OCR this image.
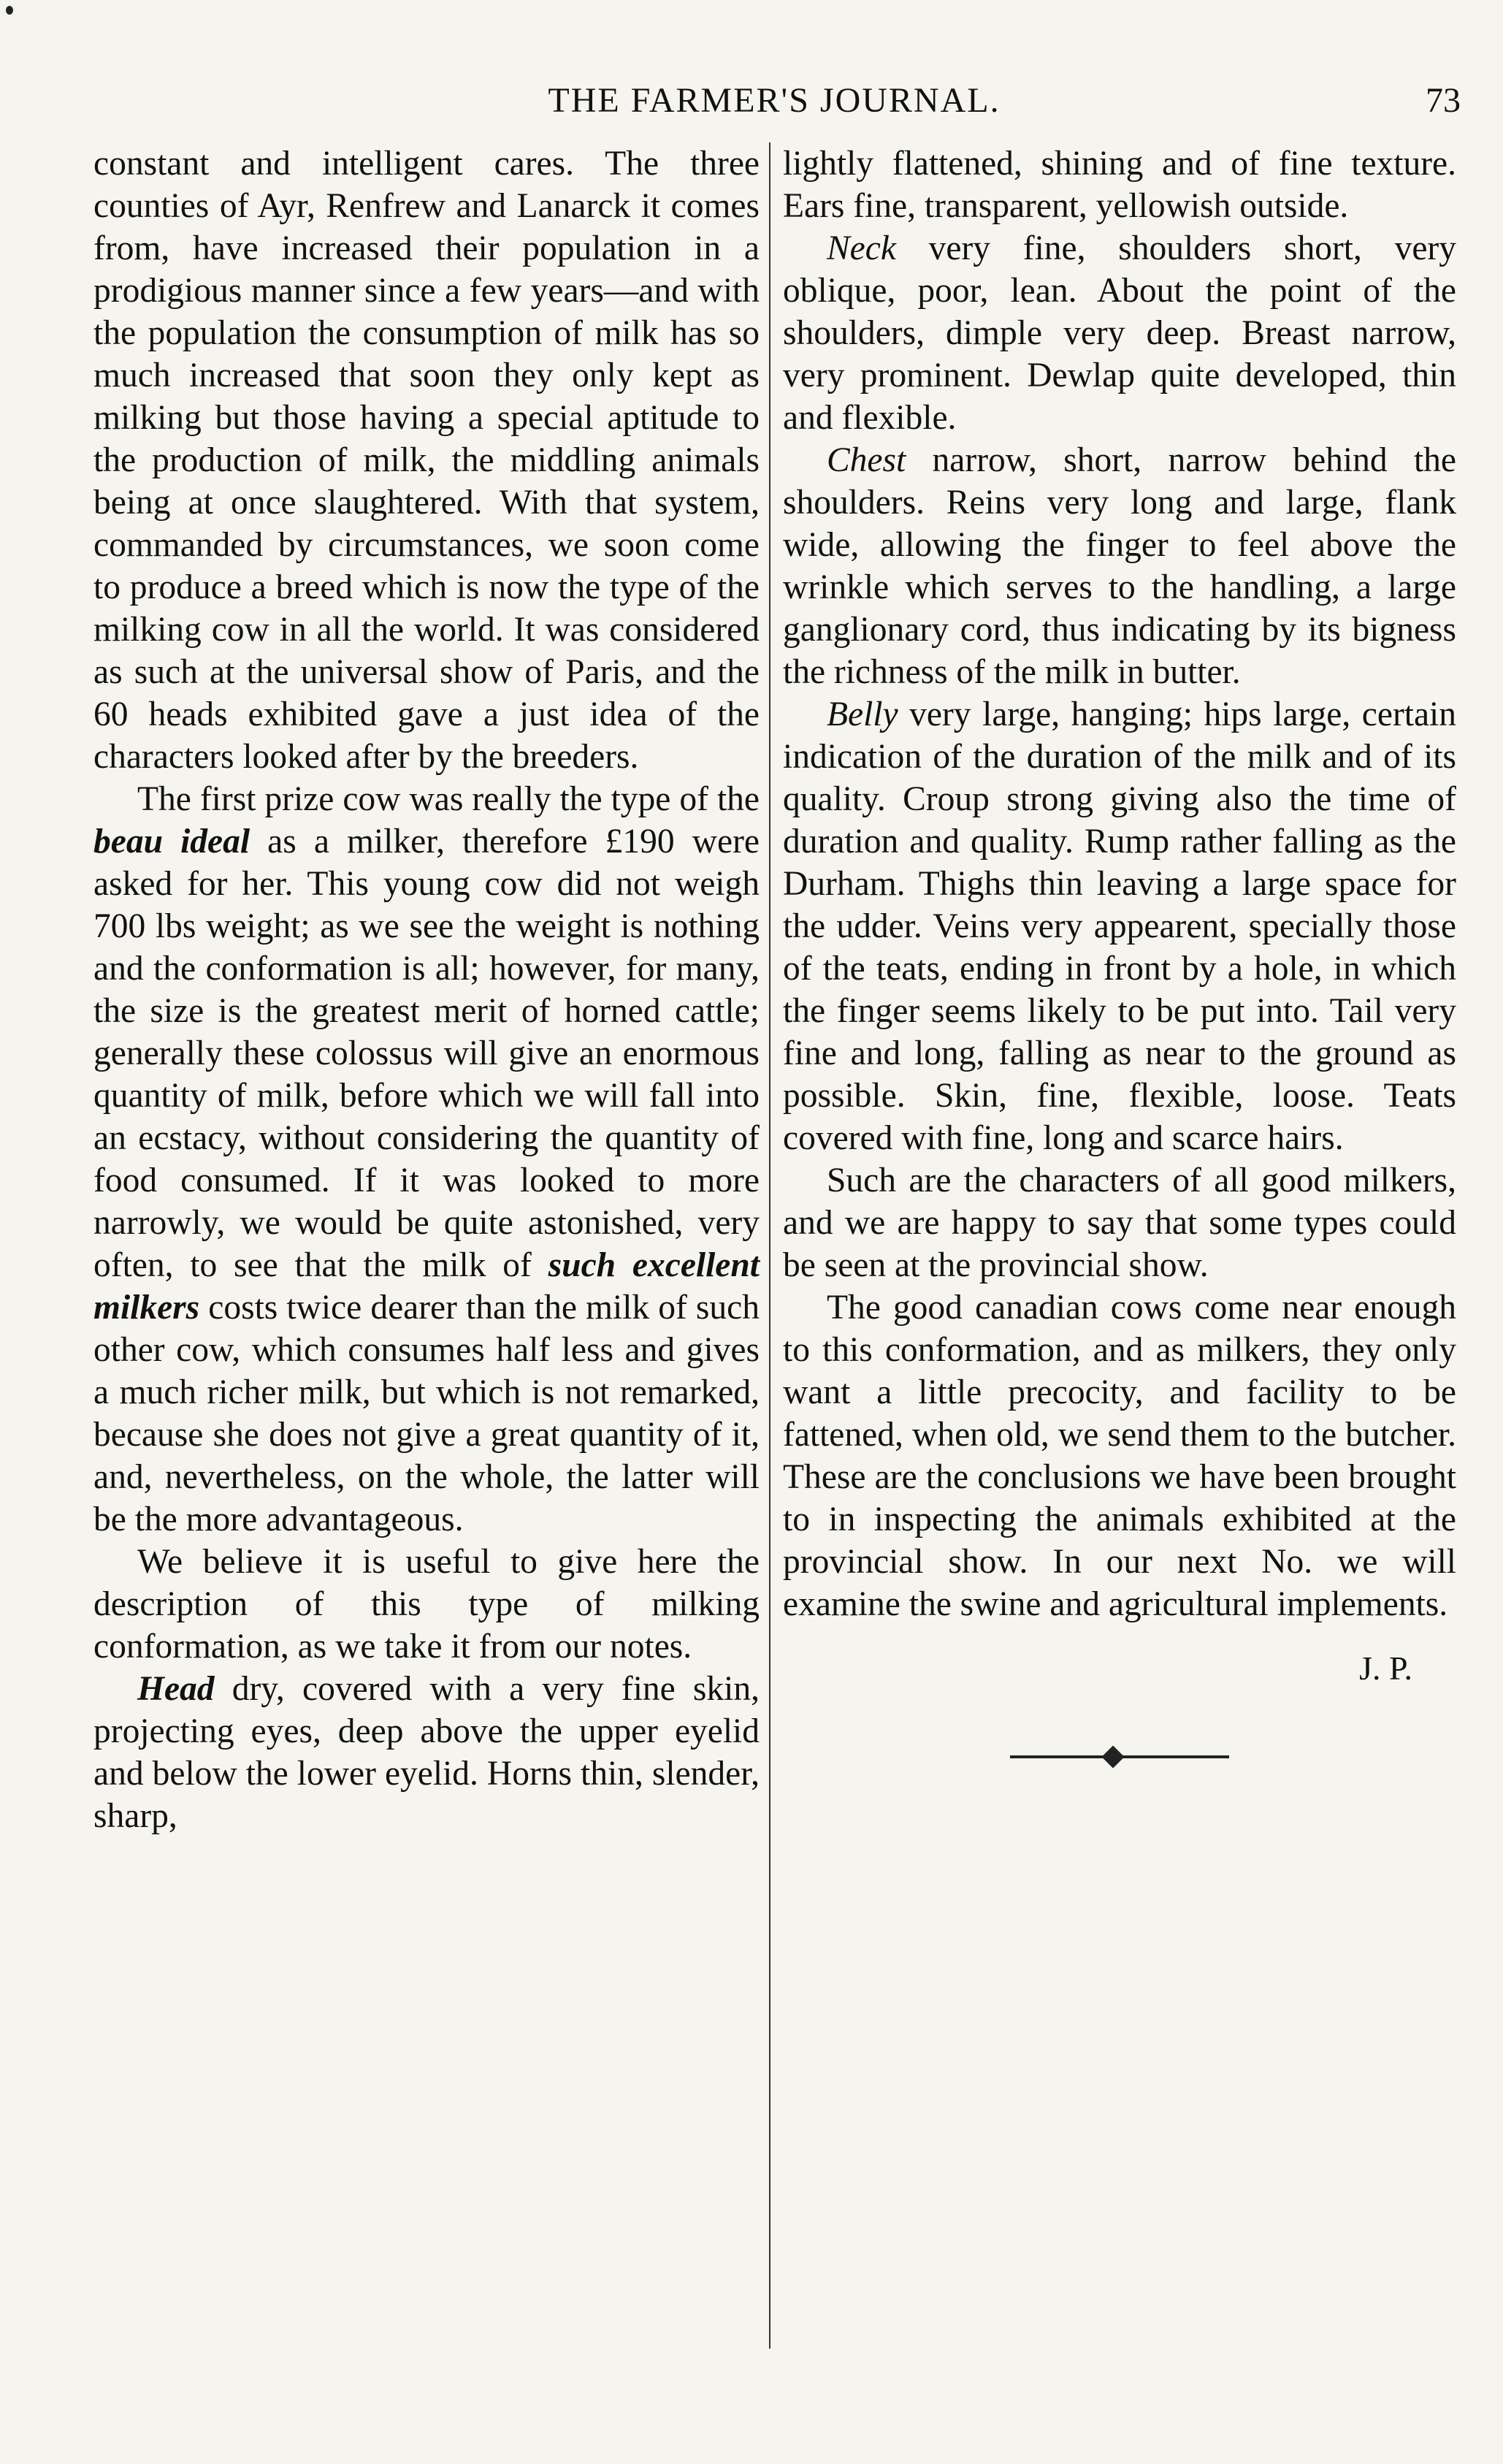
THE FARMER'S JOURNAL.	73

constant and intelligent cares. The three counties of Ayr, Renfrew and Lanarck it comes from, have increased their population in a prodigious manner since a few years—and with the population the consumption of milk has so much increased that soon they only kept as milking but those having a special aptitude to the production of milk, the middling animals being at once slaughtered. With that system, commanded by circumstances, we soon come to produce a breed which is now the type of the milking cow in all the world. It was considered as such at the universal show of Paris, and the 60 heads exhibited gave a just idea of the characters looked after by the breeders.

The first prize cow was really the type of the beau ideal as a milker, therefore £190 were asked for her. This young cow did not weigh 700 lbs weight; as we see the weight is nothing and the conformation is all; however, for many, the size is the greatest merit of horned cattle; generally these colossus will give an enormous quantity of milk, before which we will fall into an ecstacy, without considering the quantity of food consumed. If it was looked to more narrowly, we would be quite astonished, very often, to see that the milk of such excellent milkers costs twice dearer than the milk of such other cow, which consumes half less and gives a much richer milk, but which is not remarked, because she does not give a great quantity of it, and, nevertheless, on the whole, the latter will be the more advantageous.

We believe it is useful to give here the description of this type of milking conformation, as we take it from our notes.

Head dry, covered with a very fine skin, projecting eyes, deep above the upper eyelid and below the lower eyelid. Horns thin, slender, sharp,

lightly flattened, shining and of fine texture. Ears fine, transparent, yellowish outside.

Neck very fine, shoulders short, very oblique, poor, lean. About the point of the shoulders, dimple very deep. Breast narrow, very prominent. Dewlap quite developed, thin and flexible.

Chest narrow, short, narrow behind the shoulders. Reins very long and large, flank wide, allowing the finger to feel above the wrinkle which serves to the handling, a large ganglionary cord, thus indicating by its bigness the richness of the milk in butter.

Belly very large, hanging; hips large, certain indication of the duration of the milk and of its quality. Croup strong giving also the time of duration and quality. Rump rather falling as the Durham. Thighs thin leaving a large space for the udder. Veins very appearent, specially those of the teats, ending in front by a hole, in which the finger seems likely to be put into. Tail very fine and long, falling as near to the ground as possible. Skin, fine, flexible, loose. Teats covered with fine, long and scarce hairs.

Such are the characters of all good milkers, and we are happy to say that some types could be seen at the provincial show.

The good canadian cows come near enough to this conformation, and as milkers, they only want a little precocity, and facility to be fattened, when old, we send them to the butcher. These are the conclusions we have been brought to in inspecting the animals exhibited at the provincial show. In our next No. we will examine the swine and agricultural implements.

J. P.
